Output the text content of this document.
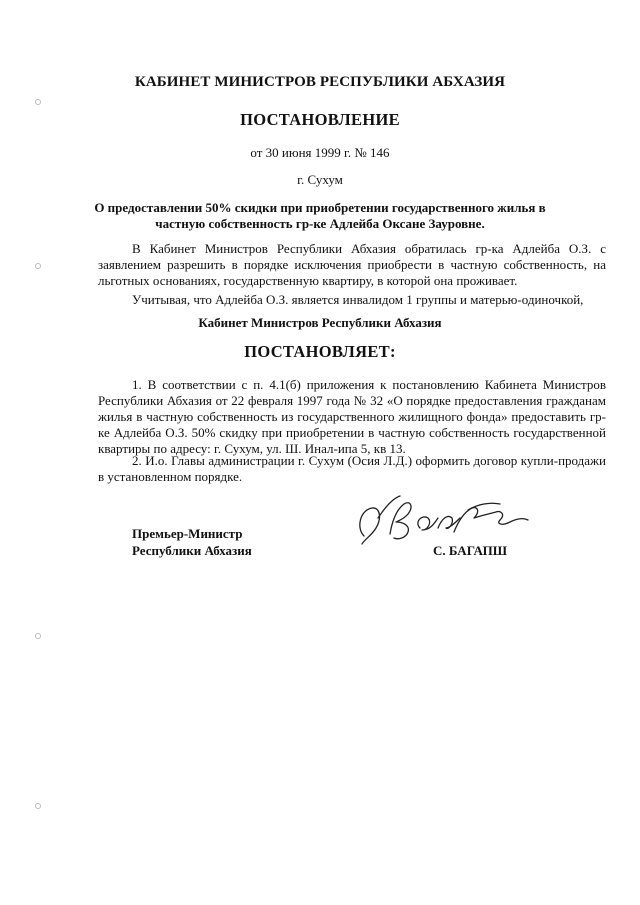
КАБИНЕТ МИНИСТРОВ РЕСПУБЛИКИ АБХАЗИЯ
ПОСТАНОВЛЕНИЕ
от 30 июня 1999 г. № 146
г. Сухум
О предоставлении 50% скидки при приобретении государственного жилья в
частную собственность гр-ке Адлейба Оксане Зауровне.
В Кабинет Министров Республики Абхазия обратилась гр-ка Адлейба О.З. с заявлением разрешить в порядке исключения приобрести в частную собственность, на льготных основаниях, государственную квартиру, в которой она проживает.
Учитывая, что Адлейба О.З. является инвалидом 1 группы и матерью-одиночкой,
Кабинет Министров Республики Абхазия
ПОСТАНОВЛЯЕТ:
1. В соответствии с п. 4.1(б) приложения к постановлению Кабинета Министров Республики Абхазия от 22 февраля 1997 года № 32 «О порядке предоставления гражданам жилья в частную собственность из государственного жилищного фонда» предоставить гр-ке Адлейба О.З. 50% скидку при приобретении в частную собственность государственной квартиры по адресу: г. Сухум, ул. Ш. Инал-ипа 5, кв 13.
2. И.о. Главы администрации г. Сухум (Осия Л.Д.) оформить договор купли-продажи в установленном порядке.
Премьер-Министр
Республики Абхазия	С. БАГАПШ
